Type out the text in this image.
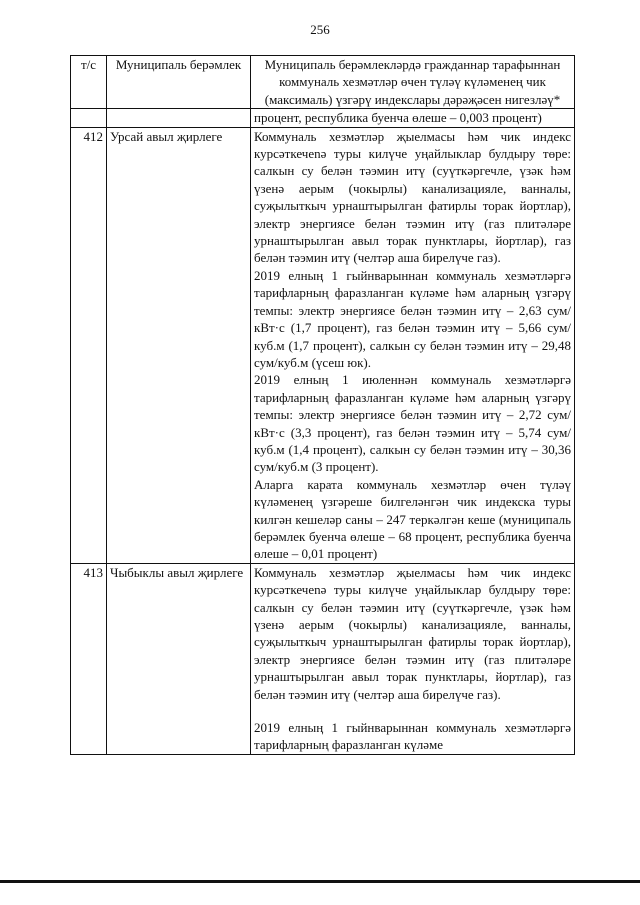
256
т/с	Муниципаль берәмлек	Муниципаль берәмлекләрдә гражданнар тарафыннан коммуналь хезмәтләр өчен түләү күләменең чик (максималь) үзгәрү индекслары дәрәҗәсен нигезләү*
		процент, республика буенча өлеше – 0,003 процент)
412	Урсай авыл җирлеге	Коммуналь хезмәтләр җыелмасы һәм чик индекс курсәткечenә туры килүче уңайлыклар булдыру төре: салкын су белән тәэмин итү (суүткәргечле, үзәк һәм үзенә аерым (чокырлы) канализацияле, ванналы, суҗылыткыч урнаштырылган фатирлы торак йортлар), электр энергиясе белән тәэмин итү (газ плитәләре урнаштырылган авыл торак пунктлары, йортлар), газ белән тәэмин итү (челтәр аша бирелүче газ).
2019 елның 1 гыйнварыннан коммуналь хезмәтләргә тарифларның фаразланган күләме һәм аларның үзгәрү темпы: электр энергиясе белән тәэмин итү – 2,63 сум/кВт·с (1,7 процент), газ белән тәэмин итү – 5,66 сум/куб.м (1,7 процент), салкын су белән тәэмин итү – 29,48 сум/куб.м (үсеш юк).
2019 елның 1 июленнән коммуналь хезмәтләргә тарифларның фаразланган күләме һәм аларның үзгәрү темпы: электр энергиясе белән тәэмин итү – 2,72 сум/кВт·с (3,3 процент), газ белән тәэмин итү – 5,74 сум/куб.м (1,4 процент), салкын су белән тәэмин итү – 30,36 сум/куб.м (3 процент).
Аларга карата коммуналь хезмәтләр өчен түләү күләменең үзгәреше билгеләнгән чик индекска туры килгән кешеләр саны – 247 теркәлгән кеше (муниципаль берәмлек буенча өлеше – 68 процент, республика буенча өлеше – 0,01 процент)

413	Чыбыклы авыл җирлеге	Коммуналь хезмәтләр җыелмасы һәм чик индекс курсәткечenә туры килүче уңайлыклар булдыру төре: салкын су белән тәэмин итү (суүткәргечле, үзәк һәм үзенә аерым (чокырлы) канализацияле, ванналы, суҗылыткыч урнаштырылган фатирлы торак йортлар), электр энергиясе белән тәэмин итү (газ плитәләре урнаштырылган авыл торак пунктлары, йортлар), газ белән тәэмин итү (челтәр аша бирелүче газ).
2019 елның 1 гыйнварыннан коммуналь хезмәтләргә тарифларның фаразланган күләме
